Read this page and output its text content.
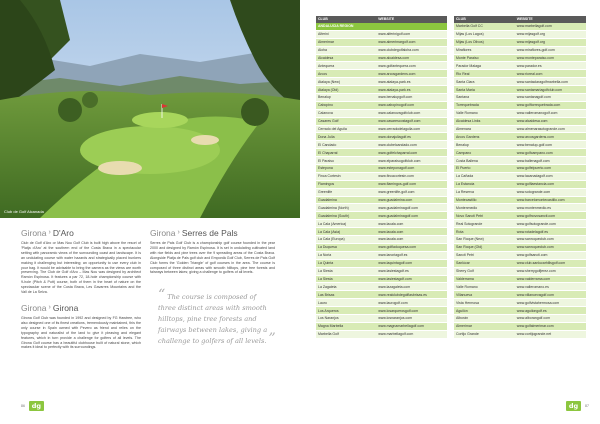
Club de Golf Alcanada
Girona › D'Aro

Club de Golf d'Aro or Mas Nou Golf Club is built high above the resort of 'Platja d'Aro' at the southern end of the Costa Brava in a spectacular setting with panoramic views of the surrounding coast and landscape. It is an undulating course with water hazards and strategically placed bunkers making it challenging but interesting; an opportunity to use every club in your bag. It would be advisable to bring the camera as the views are worth preserving. The Club de Golf d'Aro – Mas Nou was designed by architect Ramón Espinosa. It features a par 72, 18-hole championship course with 9-hole (Pitch & Putt) course, both of them in the heart of nature on the spectacular scene of the Costa Brava, Les Gavarres Mountains and the Vall de La Selva.

Girona › Girona

Girona Golf Club was founded in 1992 and designed by FG Hawtree, who also designed one of its finest creations, tremendously maintained, this the only course in Spain owned with Pevero as friend and relies on the typography and naturalist of the land to give it pleasing and elegant features, which in turn provide a challenge for golfers of all levels. The Girona Golf course has a beautiful clubhouse built of natural stone, which makes it ideal to perfectly with its surroundings.

Girona › Serres de Pals

Serres de Pals Golf Club is a championship golf course founded in the year 2000 and designed by Ramón Espinosa. It is set in undulating cultivated land with rice fields and pine trees over the 9 spreading areas of the Costa Brava. Alongside Platja de Pals golf club and Empordà Golf Club, Serres de Pals Golf Club forms the 'Golden Triangle' of golf courses in the area. The course is composed of three distinct areas with smooth hilltops, pine tree forests and fairways between lakes; giving a challenge to golfers of all levels.

“ The course is composed of three distinct areas with smooth hilltops, pine tree forests and fairways between lakes, giving a challenge to golfers of all levels. ”
86	dg
CLUB	WEBSITE
ANDALUCIA REGION	
Alferini	www.alferinigolf.com
Almerimar	www.almerimargolf.com
Aloha	www.clubdegolfaloha.com
Alcaidesa	www.alcaidesa.com
Antequera	www.golfantequera.com
Arcos	www.arcosgardens.com
Atalaya (New)	www.atalaya-park.es
Atalaya (Old)	www.atalaya-park.es
Benalup	www.benalupgolf.com
Cabopino	www.cabopinogolf.com
Calanova	www.calanovagolfclub.com
Casares Golf	www.casarescostagolf.com
Cerrado del Aguila	www.cerradodelaguila.com
Dona Julia	www.donajuliagolf.es
El Candado	www.clubelcandado.com
El Chaparral	www.golfelchaparral.com
El Paraiso	www.elparaisogolfclub.com
Estepona	www.esteponagolf.com
Finca Cortesin	www.fincacortesin.com
Flamingos	www.flamingos-golf.com
Greenlife	www.greenlife-golf.com
Guadalmina	www.guadalmina.com
Guadalmina (North)	www.guadalminagolf.com
Guadalmina (South)	www.guadalminagolf.com
La Cala (America)	www.lacala.com
La Cala (Asia)	www.lacala.com
La Cala (Europa)	www.lacala.com
La Duquesa	www.golfladuquesa.com
La Noria	www.lanoriagolf.es
La Quinta	www.laquintagolf.com
La Siesta	www.lasiestagolf.es
La Siesta	www.lasiestagolf.com
La Zagaleta	www.lazagaleta.com
Las Brisas	www.realclubdegolflasbrisas.es
Lauro	www.laurogolf.com
Los Arqueros	www.losarquerosgolf.com
Los Naranjos	www.losnaranjos.com
Magna Marbella	www.magnamarbellagolf.com
Marbella Golf	www.marbellagolf.com
CLUB	WEBSITE
Marbella Golf CC	www.marbellagolf.com
Mijas (Los Lagos)	www.mijasgolf.org
Mijas (Los Olivos)	www.mijasgolf.org
Miraflores	www.miraflores-golf.com
Monte Paraiso	www.monteparaiso.com
Parador Malaga	www.parador.es
Rio Real	www.rioreal.com
Santa Clara	www.santaclaragolfmarbella.com
Santa Maria	www.santamariagolfclub.com
Santana	www.santanagolf.com
Torrequebrada	www.golftorrequebrada.com
Valle Romano	www.valleromanogolf.com
Alcaidesa Links	www.alcaidesa.com
Almenara	www.almenarasotogrande.com
Arcos Gardens	www.arcosgardens.com
Benalup	www.benalup-golf.com
Campano	www.golfcampano.com
Costa Ballena	www.ballenagolf.com
El Puerto	www.golfelpuerto.com
La Cañada	www.lacanadagolf.com
La Estancia	www.golflaestancia.com
La Reserva	www.sotogrande.com
Montecastillo	www.barcelomontecastillo.com
Montenmedio	www.montenmedio.es
Novo Sancti Petri	www.golfnovosancti.com
Real Sotogrande	www.golfsotogrande.com
Rota	www.rotadelagolf.es
San Roque (New)	www.sanroqueclub.com
San Roque (Old)	www.sanroqueclub.com
Sancti Petri	www.golfsancti.com
Sanlúcar	www.club-sanlucarhillsgolf.com
Sherry Golf	www.sherrygolfjerez.com
Valderrama	www.valderrama.com
Valle Romano	www.valleromano.es
Villanueva	www.villanuevagolf.com
Vista Hermosa	www.golfvistahermosa.com
Aguilón	www.aguilongolf.es
Alborán	www.alborangolf.com
Almerimar	www.golfalmerimar.com
Cortijo Grande	www.cortijogrande.net
dg	87
